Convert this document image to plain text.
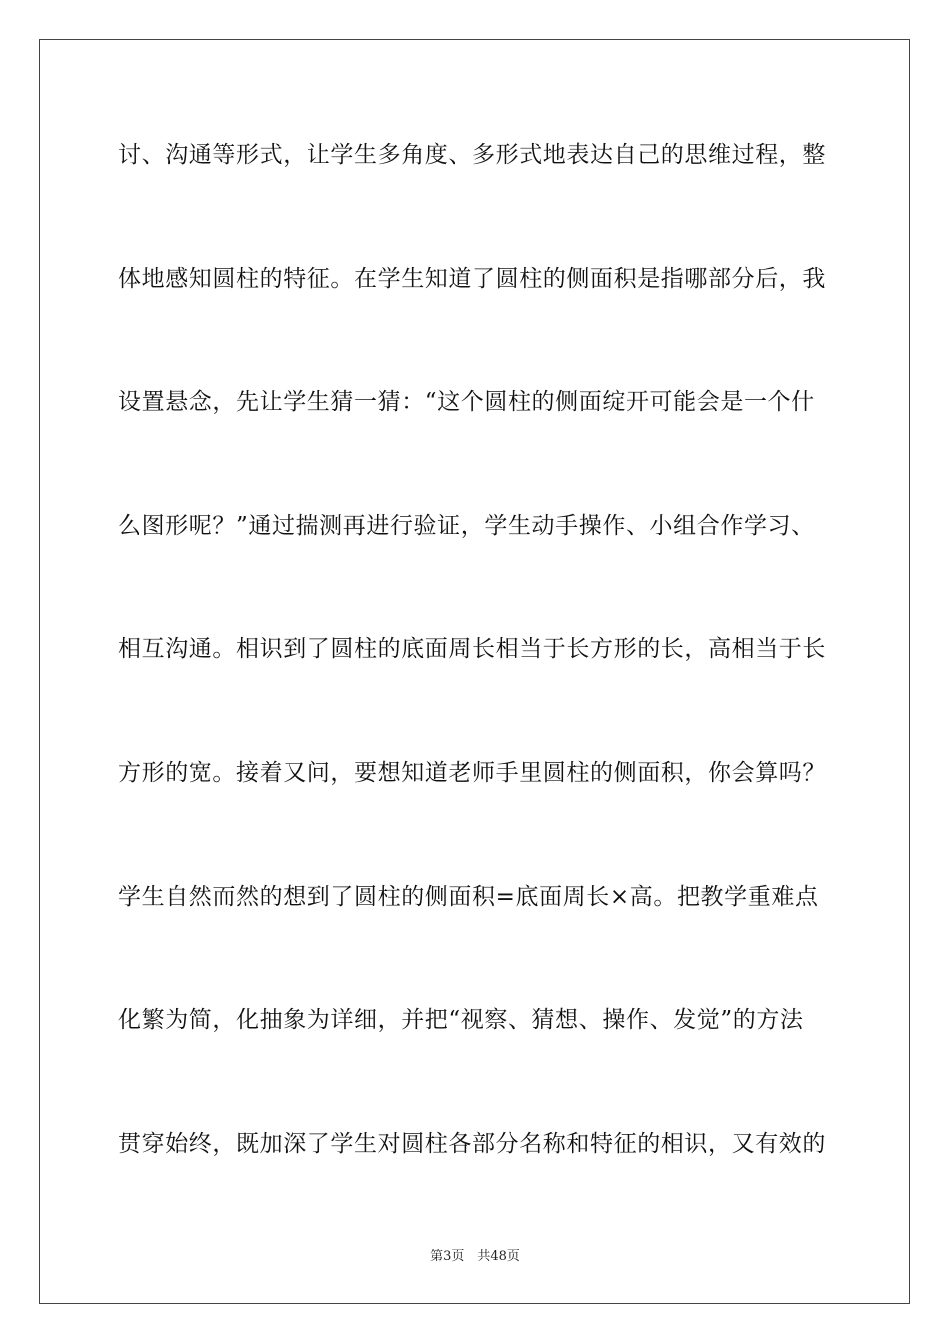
讨、沟通等形式，让学生多角度、多形式地表达自己的思维过程，整
体地感知圆柱的特征。在学生知道了圆柱的侧面积是指哪部分后，我
设置悬念，先让学生猜一猜：“这个圆柱的侧面绽开可能会是一个什
么图形呢？”通过揣测再进行验证，学生动手操作、小组合作学习、
相互沟通。相识到了圆柱的底面周长相当于长方形的长，高相当于长
方形的宽。接着又问，要想知道老师手里圆柱的侧面积，你会算吗？
学生自然而然的想到了圆柱的侧面积=底面周长×高。把教学重难点
化繁为简，化抽象为详细，并把“视察、猜想、操作、发觉”的方法
贯穿始终，既加深了学生对圆柱各部分名称和特征的相识，又有效的
第3页　共48页
